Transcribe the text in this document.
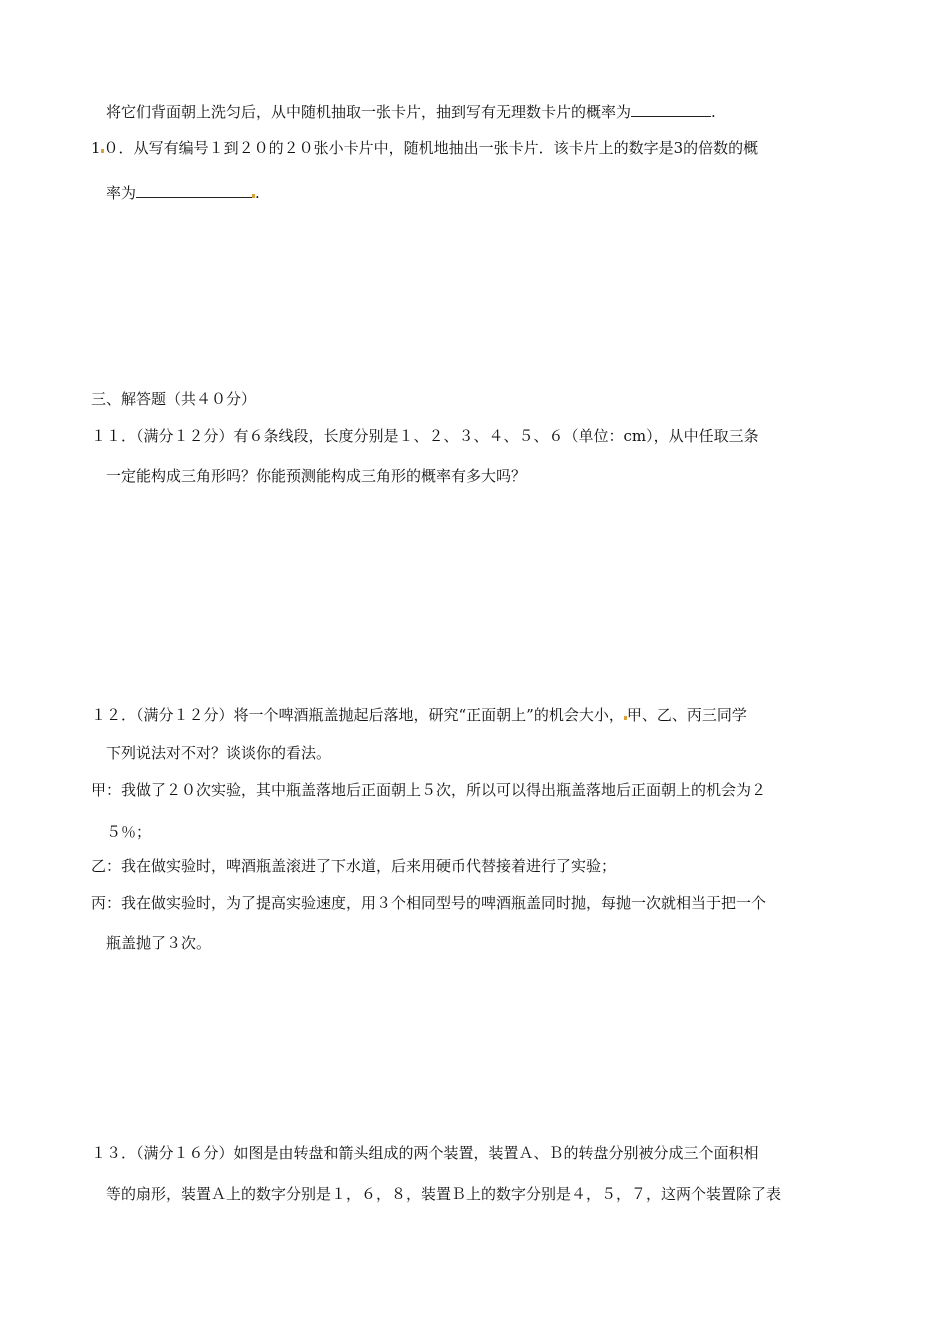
将它们背面朝上洗匀后，从中随机抽取一张卡片，抽到写有无理数卡片的概率为	.
1 ０．从写有编号１到２０的２０张小卡片中，随机地抽出一张卡片．该卡片上的数字是3的倍数的概
率为	.
三、解答题（共４０分）
１１．（满分１２分）有６条线段，长度分别是１、２、３、４、５、６（单位：cm），从中任取三条
一定能构成三角形吗？你能预测能构成三角形的概率有多大吗？
１２．（满分１２分）将一个啤酒瓶盖抛起后落地，研究“正面朝上”的机会大小， 甲、乙、丙三同学
下列说法对不对？谈谈你的看法。
甲：我做了２０次实验，其中瓶盖落地后正面朝上５次，所以可以得出瓶盖落地后正面朝上的机会为２
５％；
乙：我在做实验时，啤酒瓶盖滚进了下水道，后来用硬币代替接着进行了实验；
丙：我在做实验时，为了提高实验速度，用３个相同型号的啤酒瓶盖同时抛，每抛一次就相当于把一个
瓶盖抛了３次。
１３．（满分１６分）如图是由转盘和箭头组成的两个装置，装置Ａ、Ｂ的转盘分别被分成三个面积相
等的扇形，装置Ａ上的数字分别是１，６，８，装置Ｂ上的数字分别是４，５，７，这两个装置除了表
